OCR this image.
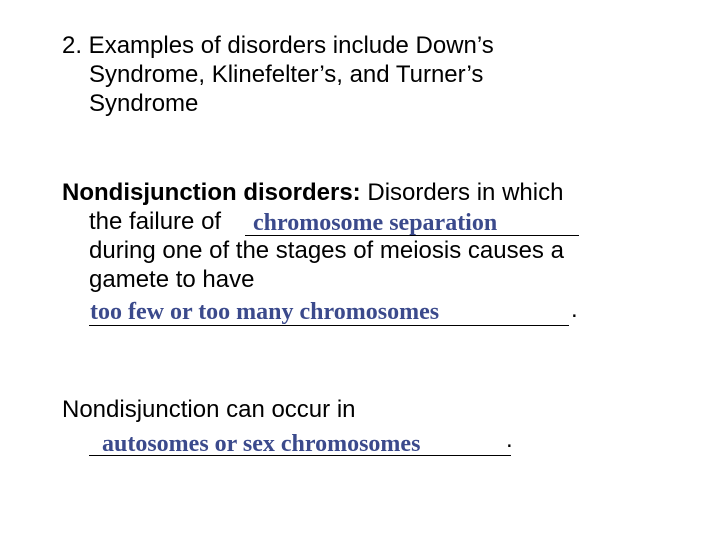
2. Examples of disorders include Down’s
Syndrome, Klinefelter’s, and Turner’s
Syndrome
Nondisjunction disorders: Disorders in which
the failure of chromosome separation
during one of the stages of meiosis causes a
gamete to have
too few or too many chromosomes	.
Nondisjunction can occur in
autosomes or sex chromosomes	.
